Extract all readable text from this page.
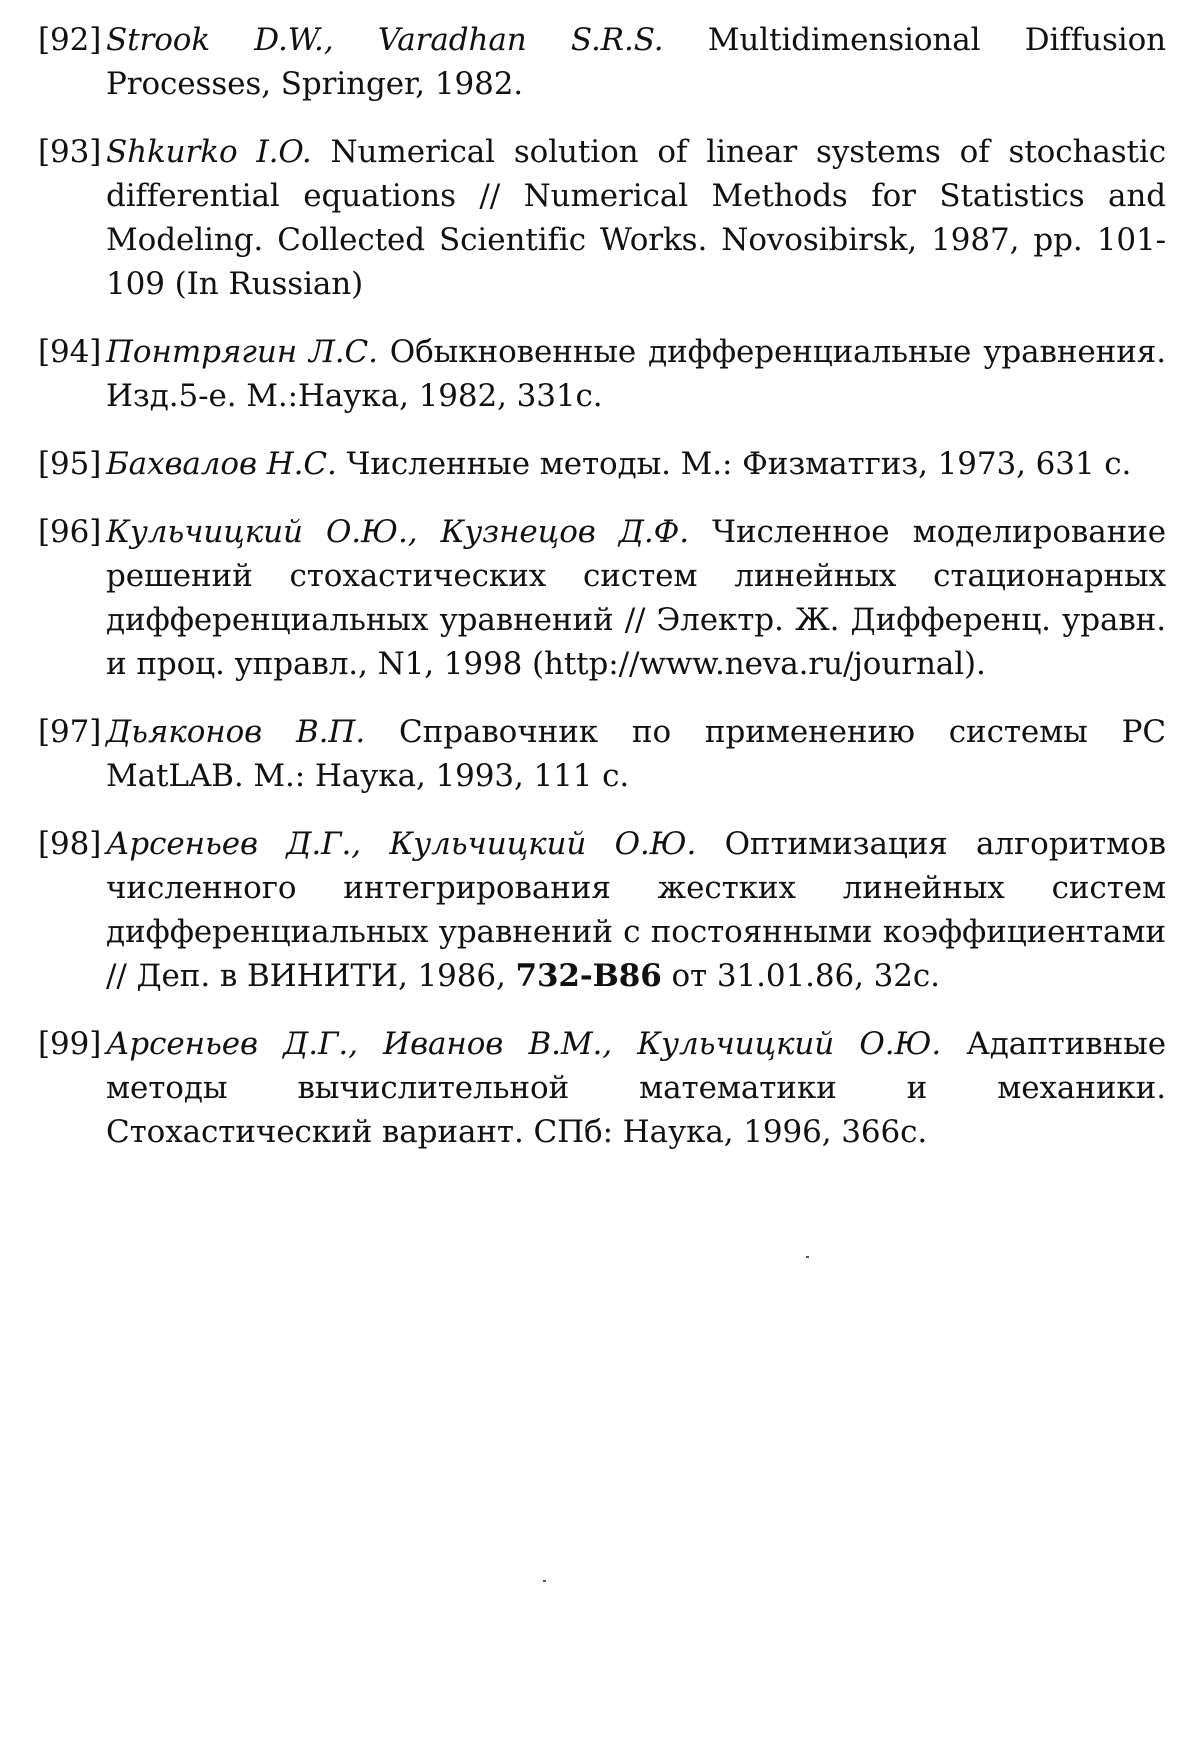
[92] Strook D.W., Varadhan S.R.S. Multidimensional Diffusion Processes, Springer, 1982.
[93] Shkurko I.O. Numerical solution of linear systems of stochastic differential equations // Numerical Methods for Statistics and Modeling. Collected Scientific Works. Novosibirsk, 1987, pp. 101-109 (In Russian)
[94] Понтрягин Л.С. Обыкновенные дифференциальные уравнения. Изд.5-е. М.:Наука, 1982, 331с.
[95] Бахвалов Н.С. Численные методы. М.: Физматгиз, 1973, 631 с.
[96] Кульчицкий О.Ю., Кузнецов Д.Ф. Численное моделирование решений стохастических систем линейных стационарных дифференциальных уравнений // Электр. Ж. Дифференц. уравн. и проц. управл., N1, 1998 (http://www.neva.ru/journal).
[97] Дьяконов В.П. Справочник по применению системы PC MatLAB. М.: Наука, 1993, 111 с.
[98] Арсеньев Д.Г., Кульчицкий О.Ю. Оптимизация алгоритмов численного интегрирования жестких линейных систем дифференциальных уравнений с постоянными коэффициентами // Деп. в ВИНИТИ, 1986, 732-В86 от 31.01.86, 32с.
[99] Арсеньев Д.Г., Иванов В.М., Кульчицкий О.Ю. Адаптивные методы вычислительной математики и механики. Стохастический вариант. СПб: Наука, 1996, 366с.
